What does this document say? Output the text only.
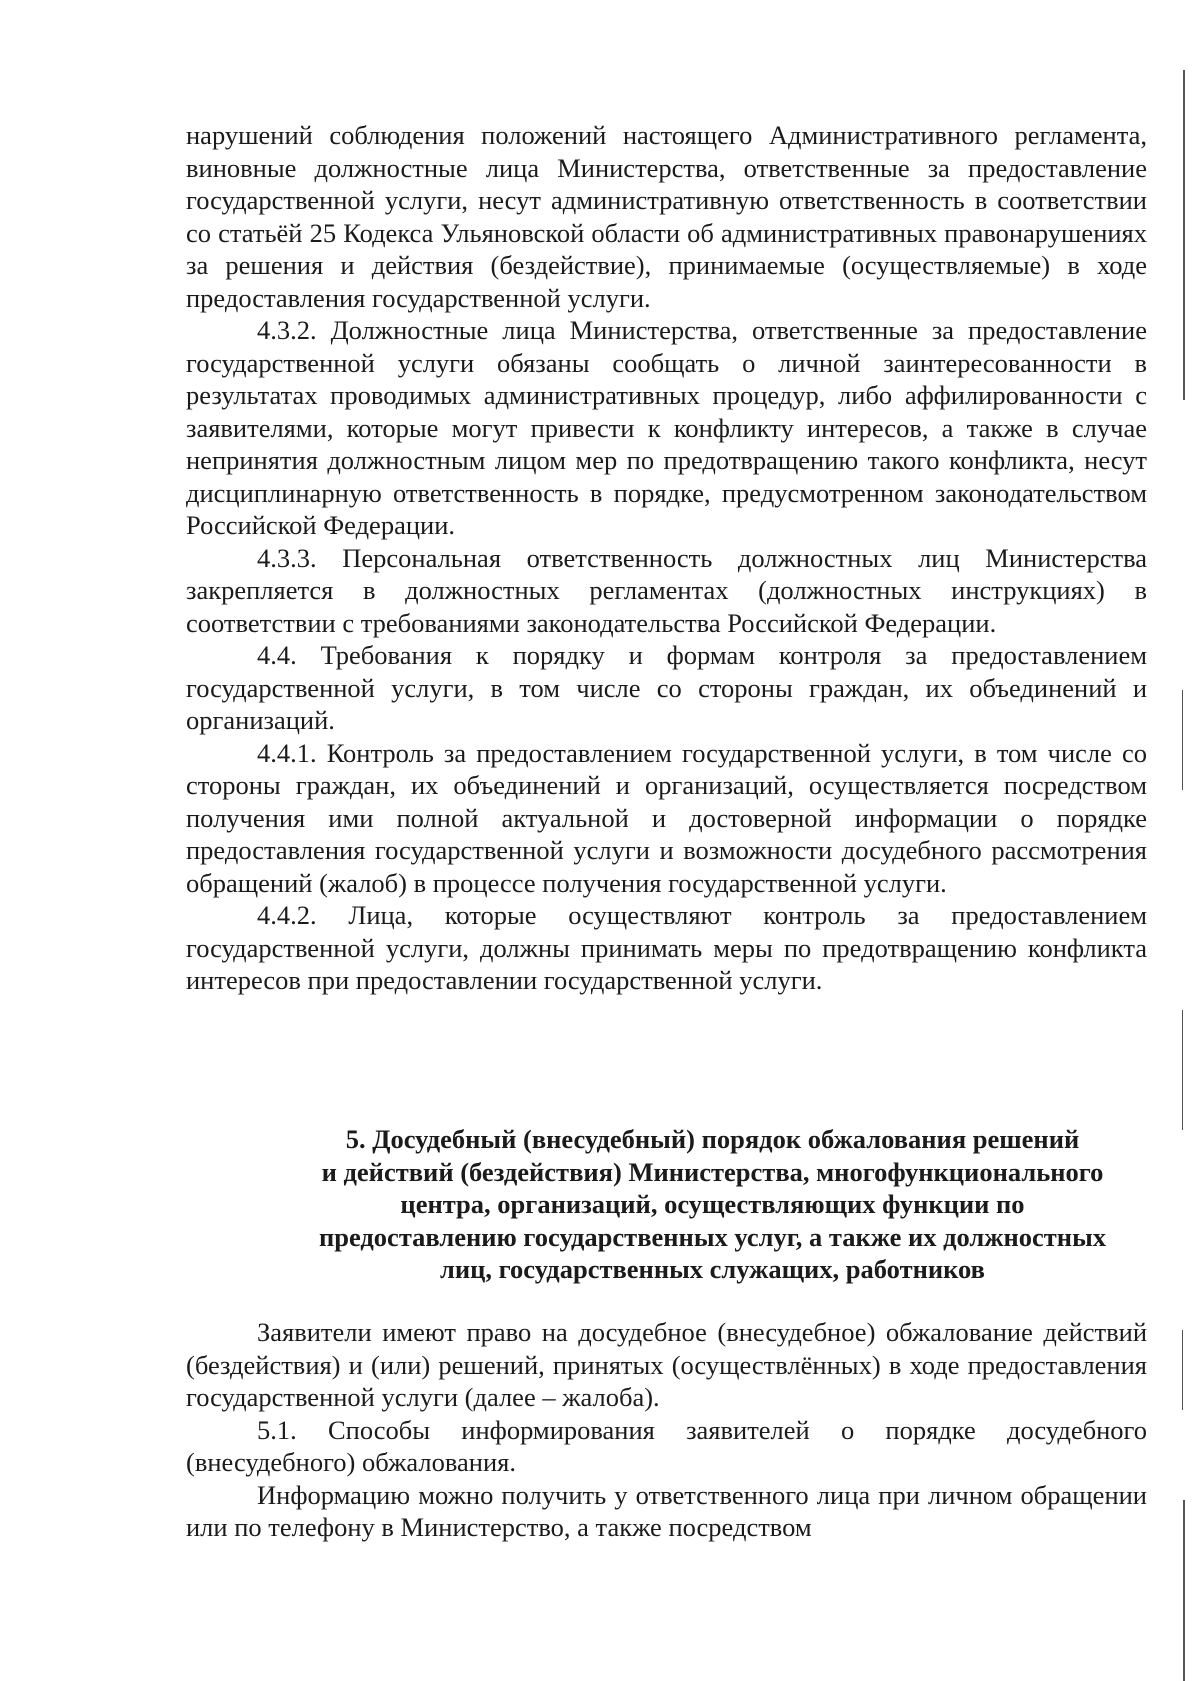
нарушений соблюдения положений настоящего Административного регламента, виновные должностные лица Министерства, ответственные за предоставление государственной услуги, несут административную ответственность в соответствии со статьёй 25 Кодекса Ульяновской области об административных правонарушениях за решения и действия (бездействие), принимаемые (осуществляемые) в ходе предоставления государственной услуги.

4.3.2. Должностные лица Министерства, ответственные за предоставление государственной услуги обязаны сообщать о личной заинтересованности в результатах проводимых административных процедур, либо аффилированности с заявителями, которые могут привести к конфликту интересов, а также в случае непринятия должностным лицом мер по предотвращению такого конфликта, несут дисциплинарную ответственность в порядке, предусмотренном законодательством Российской Федерации.

4.3.3. Персональная ответственность должностных лиц Министерства закрепляется в должностных регламентах (должностных инструкциях) в соответствии с требованиями законодательства Российской Федерации.

4.4. Требования к порядку и формам контроля за предоставлением государственной услуги, в том числе со стороны граждан, их объединений и организаций.

4.4.1. Контроль за предоставлением государственной услуги, в том числе со стороны граждан, их объединений и организаций, осуществляется посредством получения ими полной актуальной и достоверной информации о порядке предоставления государственной услуги и возможности досудебного рассмотрения обращений (жалоб) в процессе получения государственной услуги.

4.4.2. Лица, которые осуществляют контроль за предоставлением государственной услуги, должны принимать меры по предотвращению конфликта интересов при предоставлении государственной услуги.

5. Досудебный (внесудебный) порядок обжалования решений
и действий (бездействия) Министерства, многофункционального
центра, организаций, осуществляющих функции по
предоставлению государственных услуг, а также их должностных
лиц, государственных служащих, работников

Заявители имеют право на досудебное (внесудебное) обжалование действий (бездействия) и (или) решений, принятых (осуществлённых) в ходе предоставления государственной услуги (далее – жалоба).

5.1. Способы информирования заявителей о порядке досудебного (внесудебного) обжалования.

Информацию можно получить у ответственного лица при личном обращении или по телефону в Министерство, а также посредством
